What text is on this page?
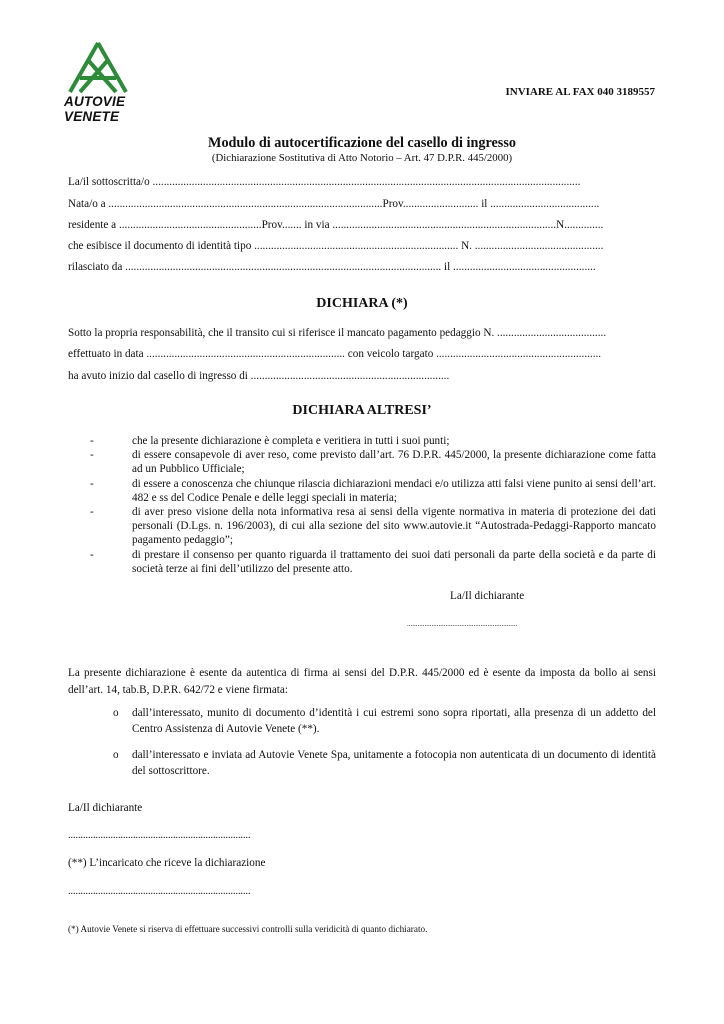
AUTOVIE VENETE
INVIARE AL FAX 040 3189557
Modulo di autocertificazione del casello di ingresso
(Dichiarazione Sostitutiva di Atto Notorio – Art. 47 D.P.R. 445/2000)
La/il sottoscritta/o .........................................................................................................................................................
Nata/o a ..................................................................................................Prov........................... il .......................................
residente a ...................................................Prov....... in via ................................................................................N..............
che esibisce il documento di identità tipo ......................................................................... N. ..............................................
rilasciato da ................................................................................................................. il ...................................................
DICHIARA (*)
Sotto la propria responsabilità, che il transito cui si riferisce il mancato pagamento pedaggio N. .......................................
effettuato in data ....................................................................... con veicolo targato ...........................................................
ha avuto inizio dal casello di ingresso di .......................................................................
DICHIARA ALTRESI’
-	che la presente dichiarazione è completa e veritiera in tutti i suoi punti;
-	di essere consapevole di aver reso, come previsto dall’art. 76 D.P.R. 445/2000, la presente dichiarazione come fatta ad un Pubblico Ufficiale;
-	di essere a conoscenza che chiunque rilascia dichiarazioni mendaci e/o utilizza atti falsi viene punito ai sensi dell’art. 482 e ss del Codice Penale e delle leggi speciali in materia;
-	di aver preso visione della nota informativa resa ai sensi della vigente normativa in materia di protezione dei dati personali (D.Lgs. n. 196/2003), di cui alla sezione del sito www.autovie.it “Autostrada-Pedaggi-Rapporto mancato pagamento pedaggio”;
-	di prestare il consenso per quanto riguarda il trattamento dei suoi dati personali da parte della società e da parte di società terze ai fini dell’utilizzo del presente atto.
La/Il dichiarante
...............................................................
La presente dichiarazione è esente da autentica di firma ai sensi del D.P.R. 445/2000 ed è esente da imposta da bollo ai sensi dell’art. 14, tab.B, D.P.R. 642/72 e viene firmata:
o	dall’interessato, munito di documento d’identità i cui estremi sono sopra riportati, alla presenza di un addetto del Centro Assistenza di Autovie Venete (**).
o	dall’interessato e inviata ad Autovie Venete Spa, unitamente a fotocopia non autenticata di un documento di identità del sottoscrittore.
La/Il dichiarante
.........................................................................
(**) L’incaricato che riceve la dichiarazione
.........................................................................
(*) Autovie Venete si riserva di effettuare successivi controlli sulla veridicità di quanto dichiarato.
